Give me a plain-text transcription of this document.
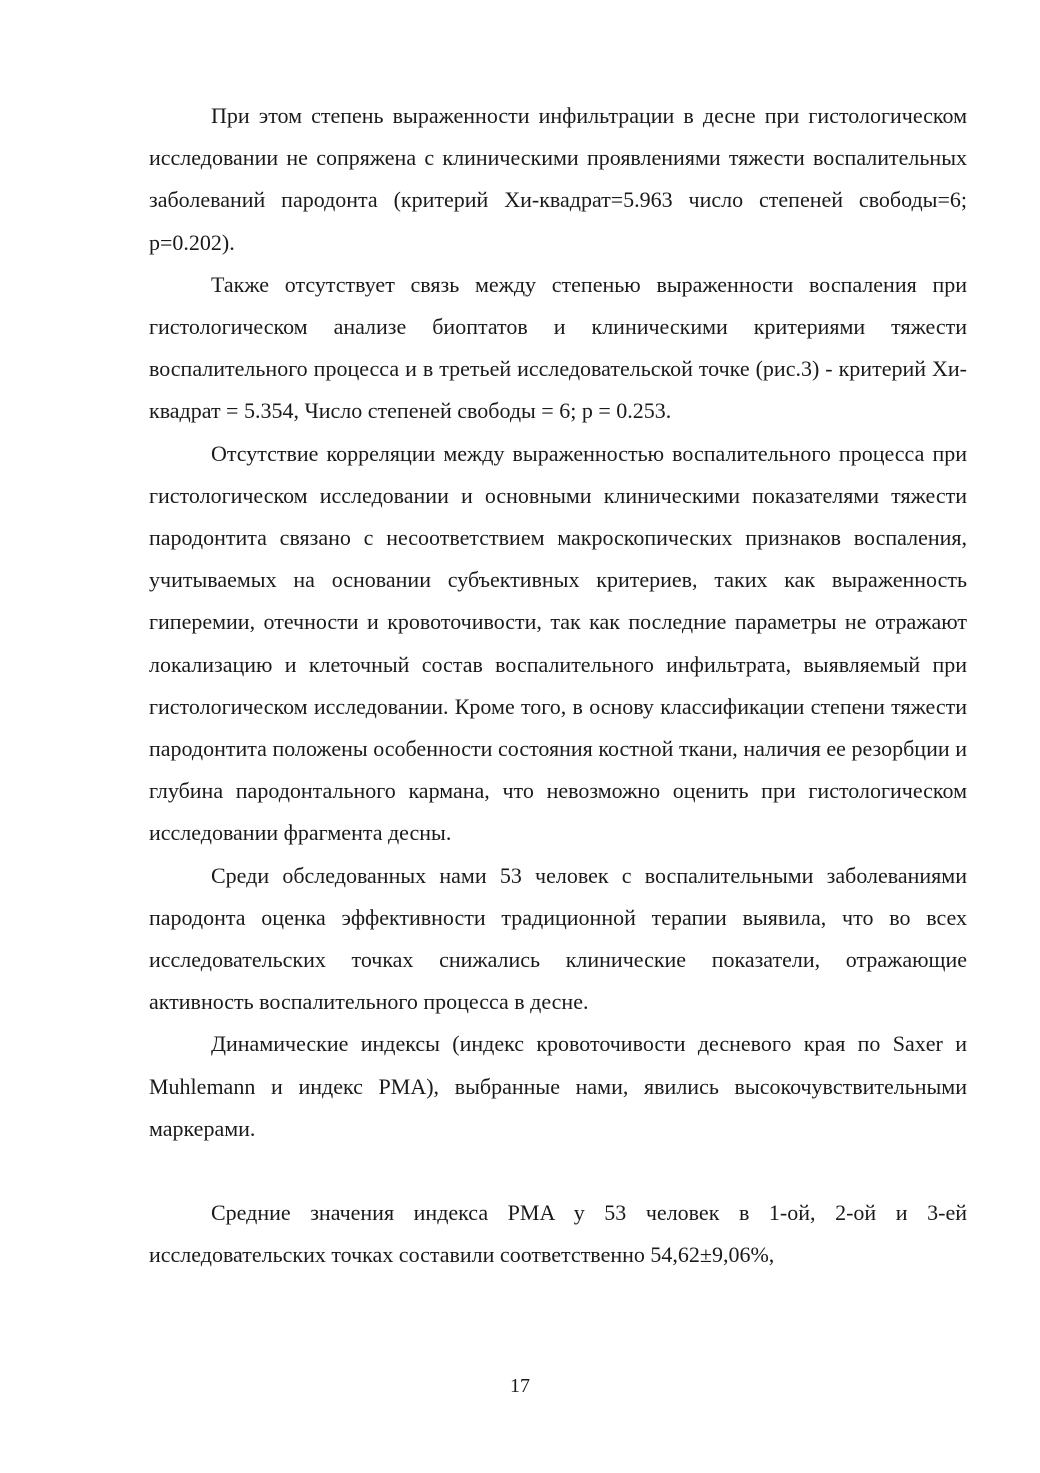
При этом степень выраженности инфильтрации в десне при гистологическом исследовании не сопряжена с клиническими проявлениями тяжести воспалительных заболеваний пародонта (критерий Хи-квадрат=5.963 число степеней свободы=6; p=0.202).

Также отсутствует связь между степенью выраженности воспаления при гистологическом анализе биоптатов и клиническими критериями тяжести воспалительного процесса и в третьей исследовательской точке (рис.3) - критерий Хи-квадрат = 5.354, Число степеней свободы = 6; p = 0.253.

Отсутствие корреляции между выраженностью воспалительного процесса при гистологическом исследовании и основными клиническими показателями тяжести пародонтита связано с несоответствием макроскопических признаков воспаления, учитываемых на основании субъективных критериев, таких как выраженность гиперемии, отечности и кровоточивости, так как последние параметры не отражают локализацию и клеточный состав воспалительного инфильтрата, выявляемый при гистологическом исследовании. Кроме того, в основу классификации степени тяжести пародонтита положены особенности состояния костной ткани, наличия ее резорбции и глубина пародонтального кармана, что невозможно оценить при гистологическом исследовании фрагмента десны.

Среди обследованных нами 53 человек с воспалительными заболеваниями пародонта оценка эффективности традиционной терапии выявила, что во всех исследовательских точках снижались клинические показатели, отражающие активность воспалительного процесса в десне.

Динамические индексы (индекс кровоточивости десневого края по Saxer и Muhlemann и индекс PMA), выбранные нами, явились высокочувствительными маркерами.

Средние значения индекса PMA у 53 человек в 1-ой, 2-ой и 3-ей исследовательских точках составили соответственно 54,62±9,06%,

17
